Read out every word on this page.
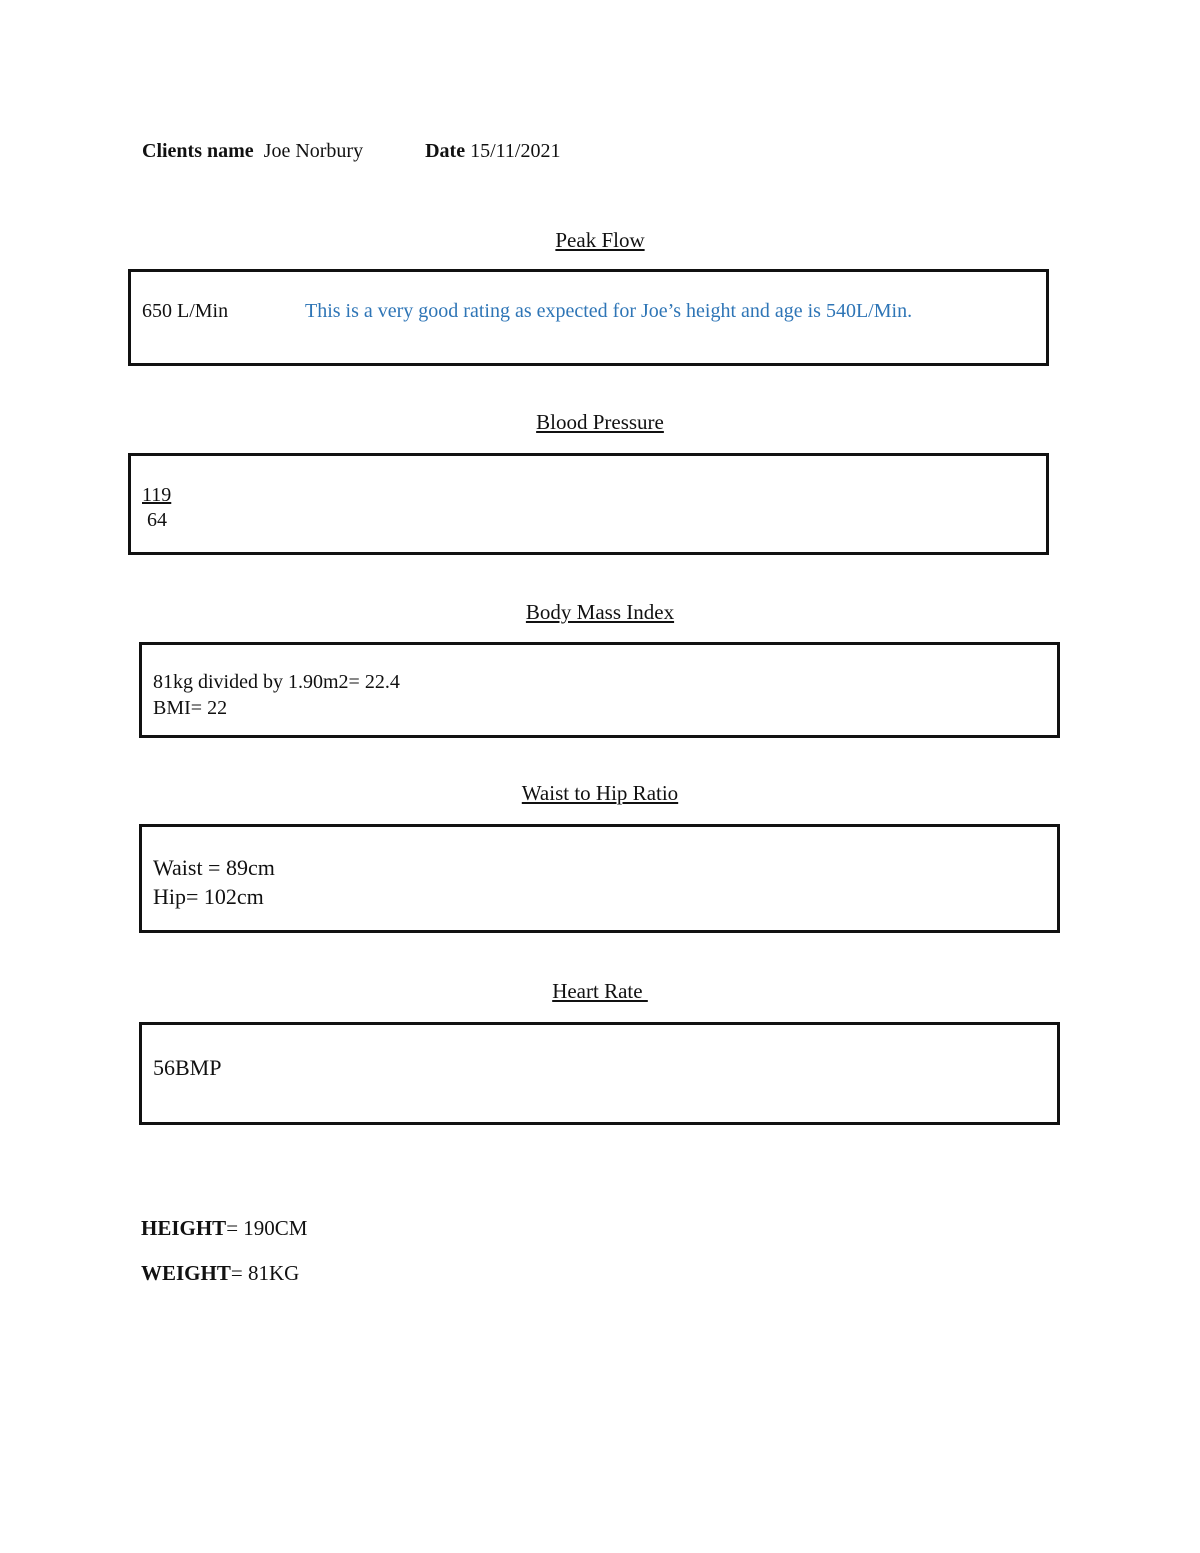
Clients name Joe Norbury	Date 15/11/2021
Peak Flow
650 L/Min	This is a very good rating as expected for Joe’s height and age is 540L/Min.
Blood Pressure
119
64
Body Mass Index
81kg divided by 1.90m2= 22.4
BMI= 22
Waist to Hip Ratio
Waist = 89cm
Hip= 102cm
Heart Rate
56BMP
HEIGHT= 190CM
WEIGHT= 81KG
